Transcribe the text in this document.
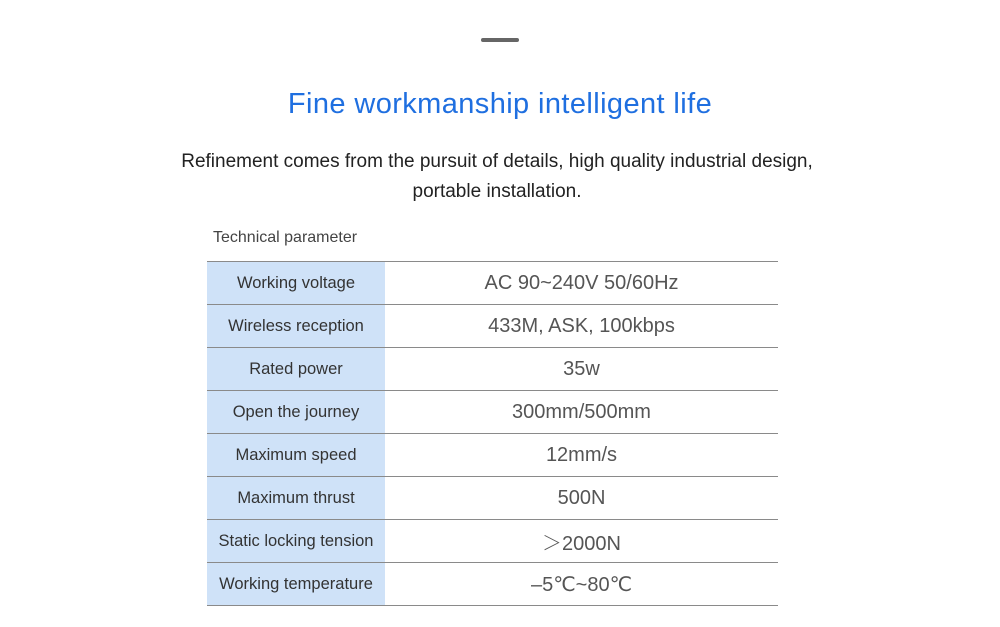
Fine workmanship intelligent life
Refinement comes from the pursuit of details, high quality industrial design, portable installation.
Technical parameter
Working voltage	AC 90~240V 50/60Hz
Wireless reception	433M, ASK, 100kbps
Rated power	35w
Open the journey	300mm/500mm
Maximum speed	12mm/s
Maximum thrust	500N
Static locking tension	＞2000N
Working temperature	–5℃~80℃
